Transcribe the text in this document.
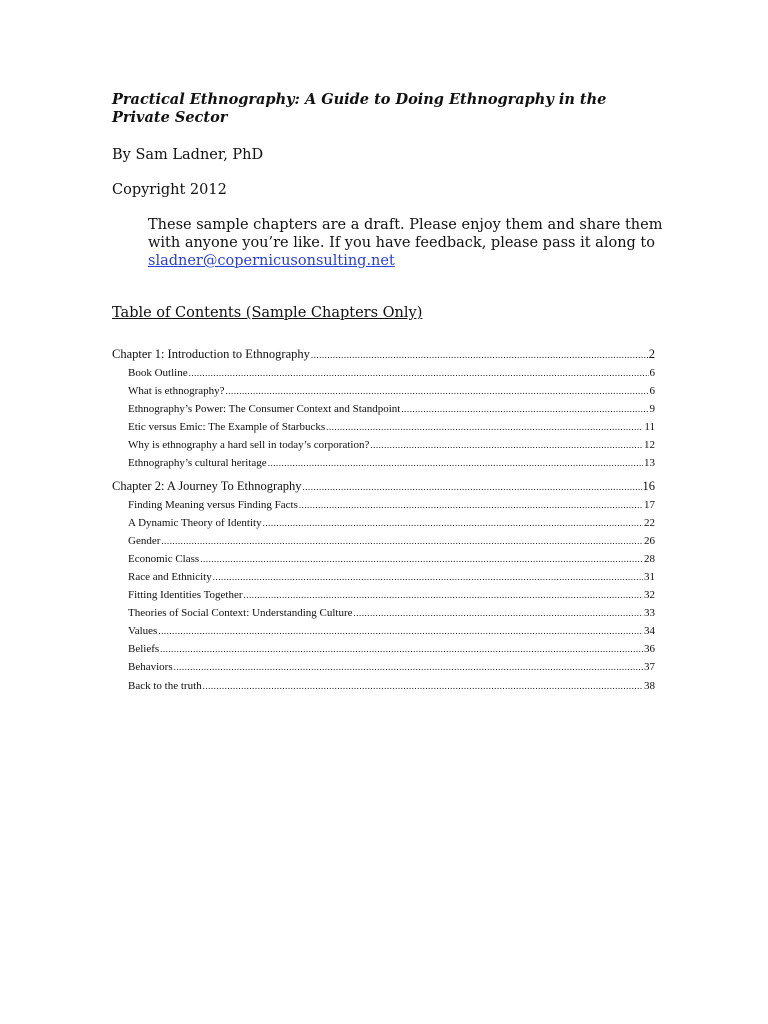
Practical Ethnography: A Guide to Doing Ethnography in the Private Sector

By Sam Ladner, PhD

Copyright 2012

These sample chapters are a draft. Please enjoy them and share them with anyone you’re like. If you have feedback, please pass it along to sladner@copernicusonsulting.net

Table of Contents (Sample Chapters Only)

Chapter 1: Introduction to Ethnography .....	2
Book Outline .....	6
What is ethnography? .....	6
Ethnography’s Power: The Consumer Context and Standpoint .....	9
Etic versus Emic: The Example of Starbucks .....	11
Why is ethnography a hard sell in today’s corporation? .....	12
Ethnography’s cultural heritage .....	13
Chapter 2: A Journey To Ethnography .....	16
Finding Meaning versus Finding Facts .....	17
A Dynamic Theory of Identity .....	22
Gender .....	26
Economic Class .....	28
Race and Ethnicity .....	31
Fitting Identities Together .....	32
Theories of Social Context: Understanding Culture .....	33
Values .....	34
Beliefs .....	36
Behaviors .....	37
Back to the truth .....	38
